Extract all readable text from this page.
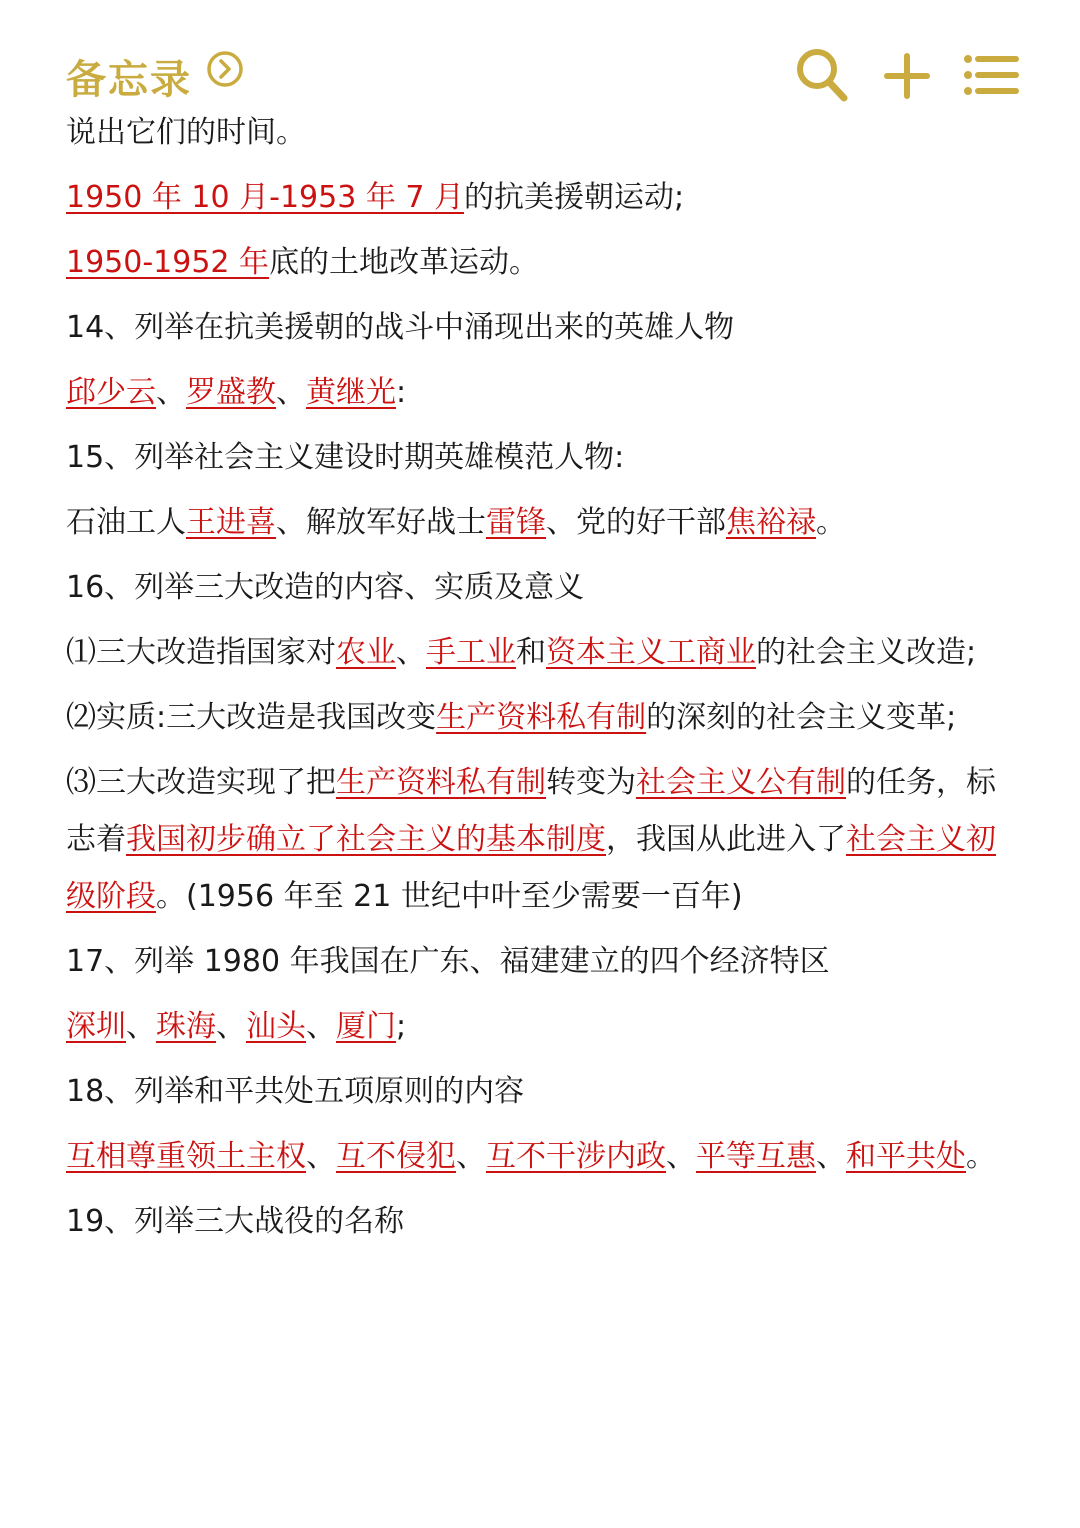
备忘录
说出它们的时间。
1950 年 10 月-1953 年 7 月的抗美援朝运动;
1950-1952 年底的土地改革运动。
14、列举在抗美援朝的战斗中涌现出来的英雄人物
邱少云、罗盛教、黄继光:
15、列举社会主义建设时期英雄模范人物:
石油工人王进喜、解放军好战士雷锋、党的好干部焦裕禄。
16、列举三大改造的内容、实质及意义
⑴三大改造指国家对农业、手工业和资本主义工商业的社会主义改造;
⑵实质:三大改造是我国改变生产资料私有制的深刻的社会主义变革;
⑶三大改造实现了把生产资料私有制转变为社会主义公有制的任务，标志着我国初步确立了社会主义的基本制度，我国从此进入了社会主义初级阶段。(1956 年至 21 世纪中叶至少需要一百年)
17、列举 1980 年我国在广东、福建建立的四个经济特区
深圳、珠海、汕头、厦门;
18、列举和平共处五项原则的内容
互相尊重领土主权、互不侵犯、互不干涉内政、平等互惠、和平共处。
19、列举三大战役的名称
